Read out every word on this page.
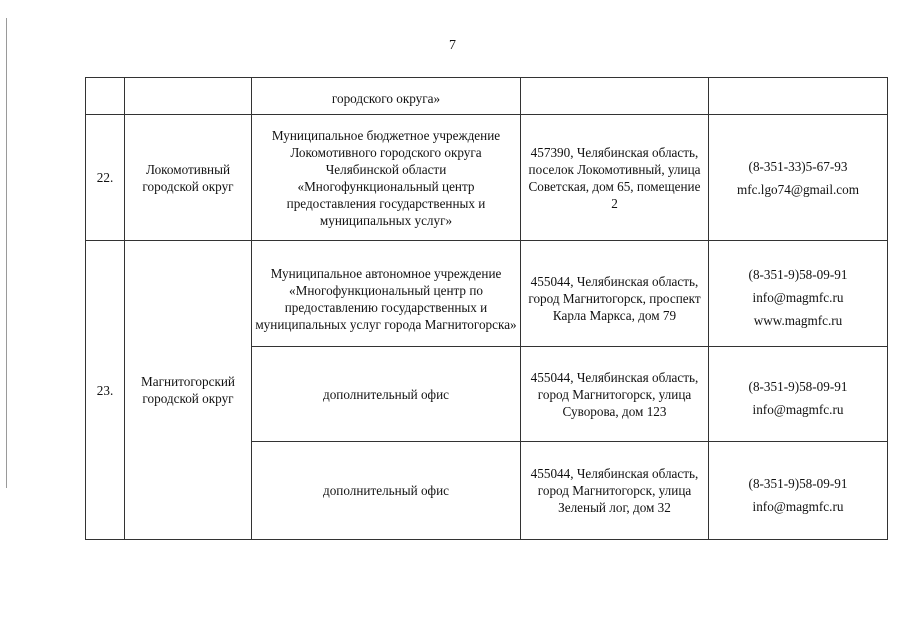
7
		городского округа»		
22.	Локомотивный городской округ	Муниципальное бюджетное учреждение Локомотивного городского округа Челябинской области «Многофункциональный центр предоставления государственных и муниципальных услуг»	457390, Челябинская область, поселок Локомотивный, улица Советская, дом 65, помещение 2	(8-351-33)5-67-93
mfc.lgo74@gmail.com

23.	Магнитогорский городской округ	Муниципальное автономное учреждение «Многофункциональный центр по предоставлению государственных и муниципальных услуг города Магнитогорска»	455044, Челябинская область, город Магнитогорск, проспект Карла Маркса, дом 79	(8-351-9)58-09-91
info@magmfc.ru
www.magmfc.ru

		дополнительный офис	455044, Челябинская область, город Магнитогорск, улица Суворова, дом 123	(8-351-9)58-09-91
info@magmfc.ru

		дополнительный офис	455044, Челябинская область, город Магнитогорск, улица Зеленый лог, дом 32	(8-351-9)58-09-91
info@magmfc.ru
